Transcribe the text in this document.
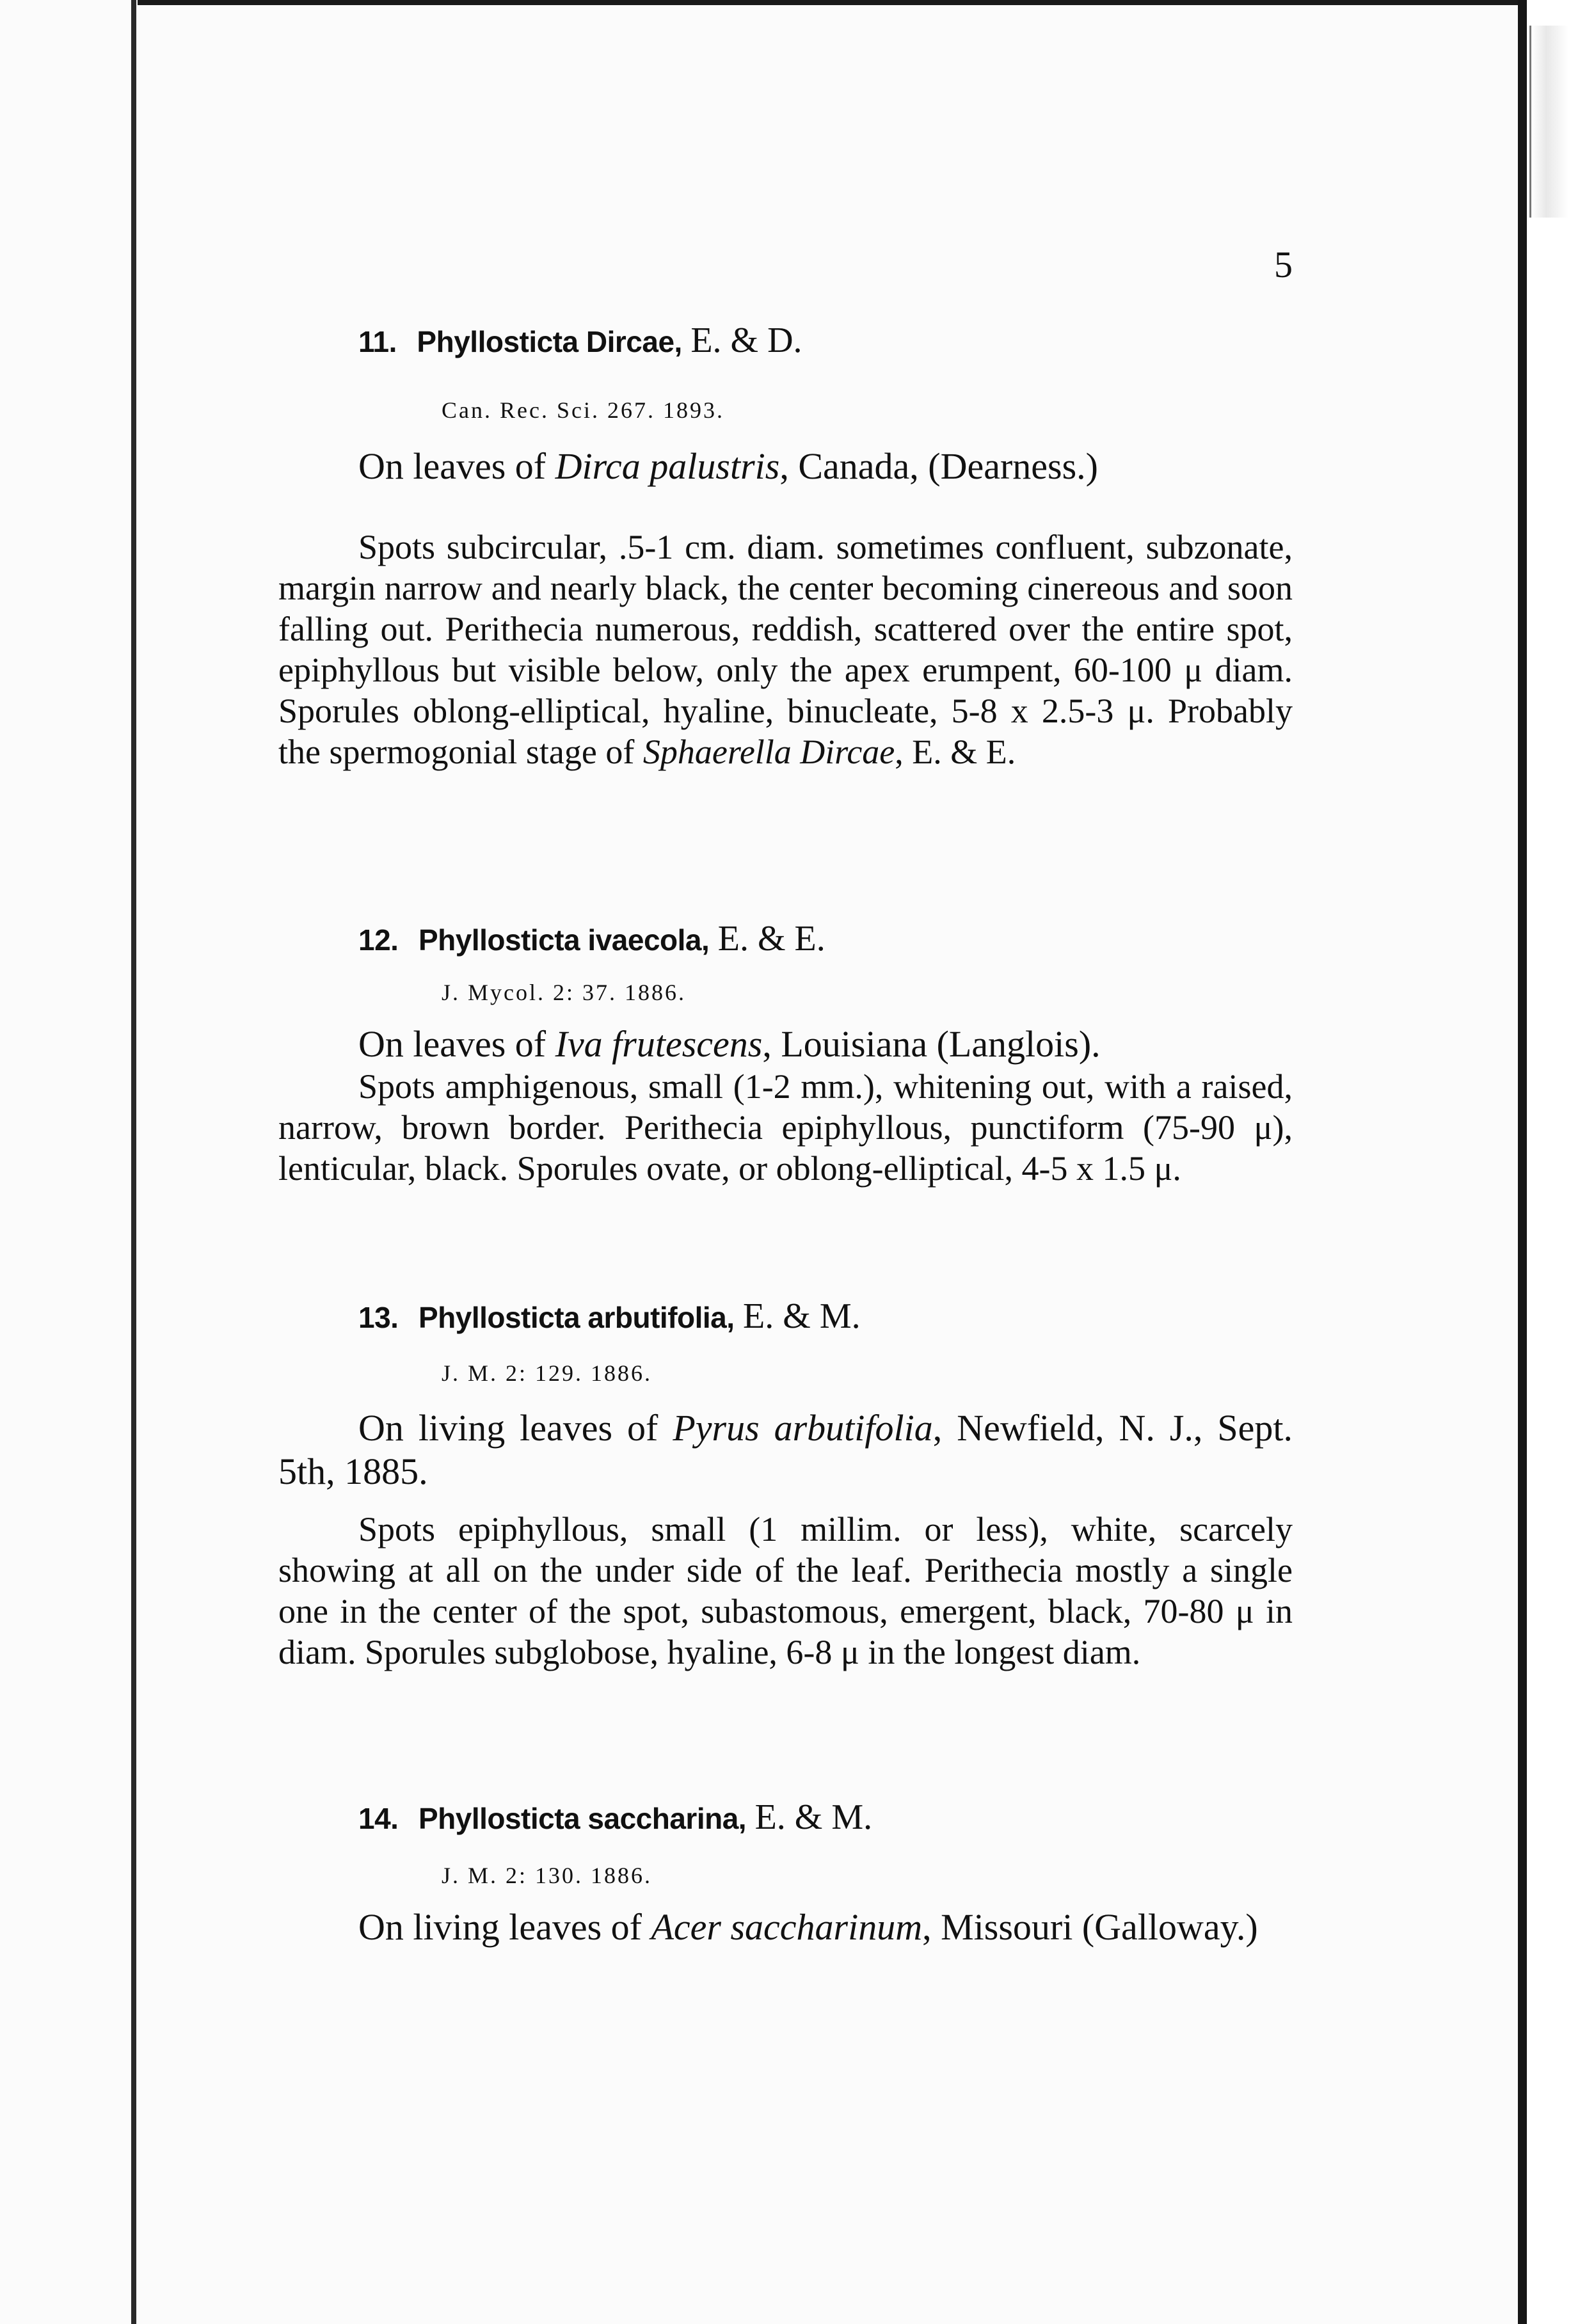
5
11. Phyllosticta Dircae, E. & D.
Can. Rec. Sci. 267. 1893.
On leaves of Dirca palustris, Canada, (Dearness.)
Spots subcircular, .5-1 cm. diam. sometimes confluent, subzonate, margin narrow and nearly black, the center becoming cinereous and soon falling out. Perithecia numerous, reddish, scattered over the entire spot, epiphyllous but visible below, only the apex erumpent, 60-100 μ diam. Sporules oblong-elliptical, hyaline, binucleate, 5-8 x 2.5-3 μ. Probably the spermogonial stage of Sphaerella Dircae, E. & E.
12. Phyllosticta ivaecola, E. & E.
J. Mycol. 2: 37. 1886.
On leaves of Iva frutescens, Louisiana (Langlois).
Spots amphigenous, small (1-2 mm.), whitening out, with a raised, narrow, brown border. Perithecia epiphyllous, punctiform (75-90 μ), lenticular, black. Sporules ovate, or oblong-elliptical, 4-5 x 1.5 μ.
13. Phyllosticta arbutifolia, E. & M.
J. M. 2: 129. 1886.
On living leaves of Pyrus arbutifolia, Newfield, N. J., Sept. 5th, 1885.
Spots epiphyllous, small (1 millim. or less), white, scarcely showing at all on the under side of the leaf. Perithecia mostly a single one in the center of the spot, subastomous, emergent, black, 70-80 μ in diam. Sporules subglobose, hyaline, 6-8 μ in the longest diam.
14. Phyllosticta saccharina, E. & M.
J. M. 2: 130. 1886.
On living leaves of Acer saccharinum, Missouri (Galloway.)
